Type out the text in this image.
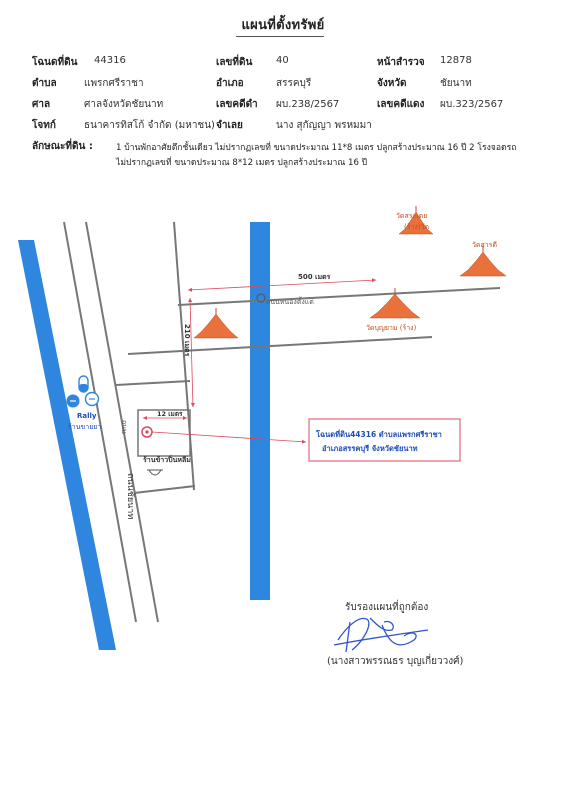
แผนที่ตั้งทรัพย์
โฉนดที่ดิน 44316	เลขที่ดิน 40	หน้าสำรวจ 12878
ตำบล	แพรกศรีราชา	อำเภอ	สรรคบุรี	จังหวัด	ชัยนาท
ศาล	ศาลจังหวัดชัยนาท	เลขคดีดำ ผบ.238/2567	เลขคดีแดง ผบ.323/2567
โจทก์	ธนาคารทิสโก้ จำกัด (มหาชน) จำเลย	นาง สุกัญญา พรหมมา
ลักษณะที่ดิน :	1 บ้านพักอาศัยตึกชั้นเดียว ไม่ปรากฏเลขที่ ขนาดประมาณ 11*8 เมตร ปลูกสร้างประมาณ 16 ปี 2 โรงจอดรถ
ไม่ปรากฏเลขที่ ขนาดประมาณ 8*12 เมตร ปลูกสร้างประมาณ 16 ปี
วัดสระเตย
(ร้าง)วัด
วัดสารดี
วัดบุญยาม (ร้าง)
วัดแจ้งบุญ
ถนนหนองตั้งแต่
ถนนชัยนาท
ถนน
500 เมตร
210 เมตร
12 เมตร
ร้านข้าวปิ่นหลีม
Rally
ร้านขายยา
โฉนดที่ดิน44316 ตำบลแพรกศรีราชา
อำเภอสรรคบุรี จังหวัดชัยนาท
รับรองแผนที่ถูกต้อง
(นางสาวพรรณธร บุญเกี่ยววงศ์)
